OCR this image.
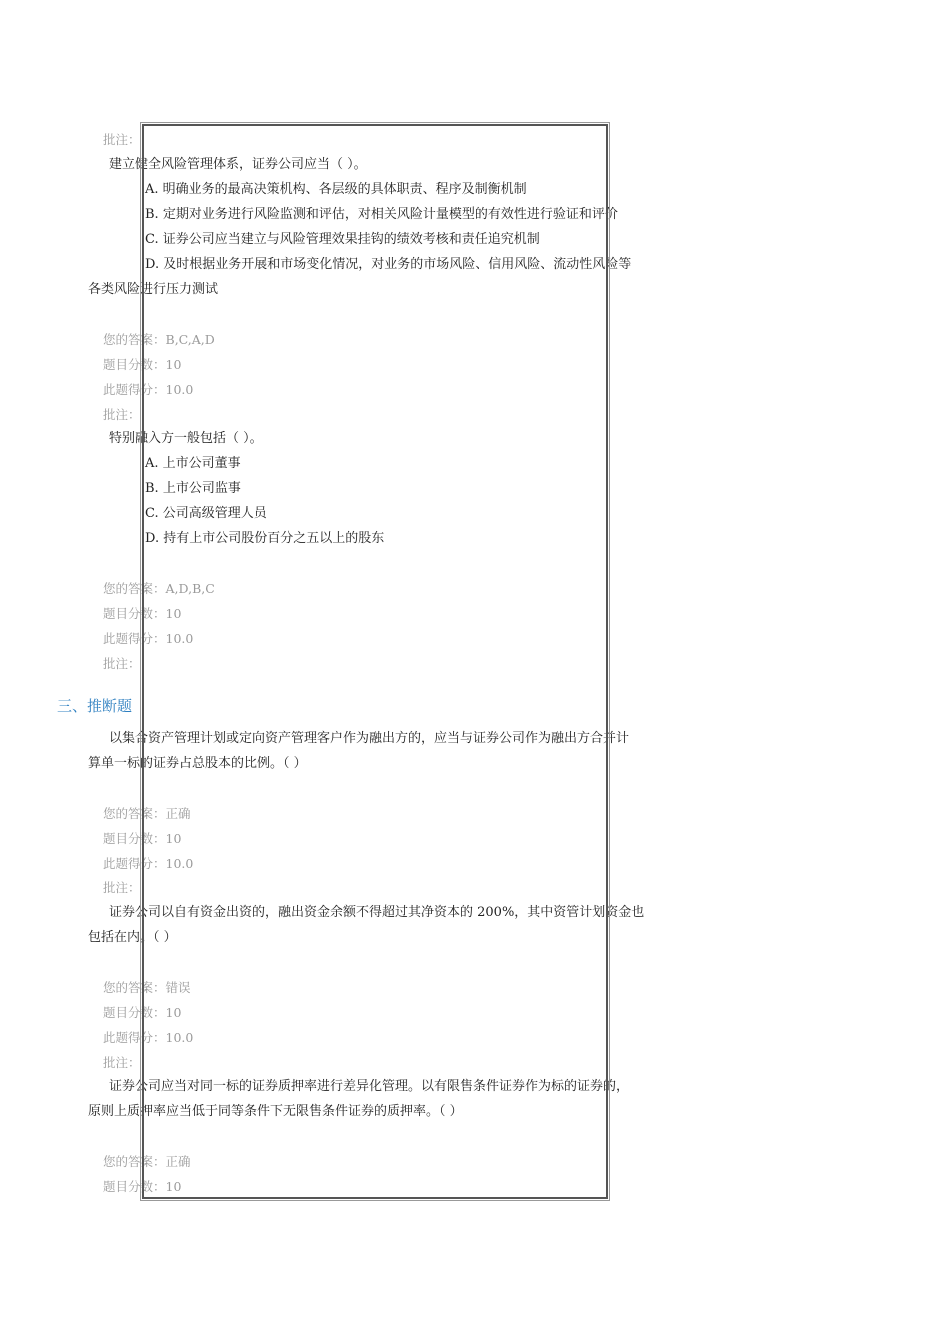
批注：
建立健全风险管理体系，证券公司应当（ ）。
A. 明确业务的最高决策机构、各层级的具体职责、程序及制衡机制
B. 定期对业务进行风险监测和评估，对相关风险计量模型的有效性进行验证和评价
C. 证券公司应当建立与风险管理效果挂钩的绩效考核和责任追究机制
D. 及时根据业务开展和市场变化情况，对业务的市场风险、信用风险、流动性风险等
各类风险进行压力测试
您的答案：B,C,A,D
题目分数：10
此题得分：10.0
批注：
特别融入方一般包括（ ）。
A. 上市公司董事
B. 上市公司监事
C. 公司高级管理人员
D. 持有上市公司股份百分之五以上的股东
您的答案：A,D,B,C
题目分数：10
此题得分：10.0
批注：
三、推断题
以集合资产管理计划或定向资产管理客户作为融出方的，应当与证券公司作为融出方合并计
算单一标的证券占总股本的比例。（ ）
您的答案：正确
题目分数：10
此题得分：10.0
批注：
证券公司以自有资金出资的，融出资金余额不得超过其净资本的 200%，其中资管计划资金也
包括在内。（ ）
您的答案：错误
题目分数：10
此题得分：10.0
批注：
证券公司应当对同一标的证券质押率进行差异化管理。以有限售条件证券作为标的证券的，
原则上质押率应当低于同等条件下无限售条件证券的质押率。（ ）
您的答案：正确
题目分数：10
